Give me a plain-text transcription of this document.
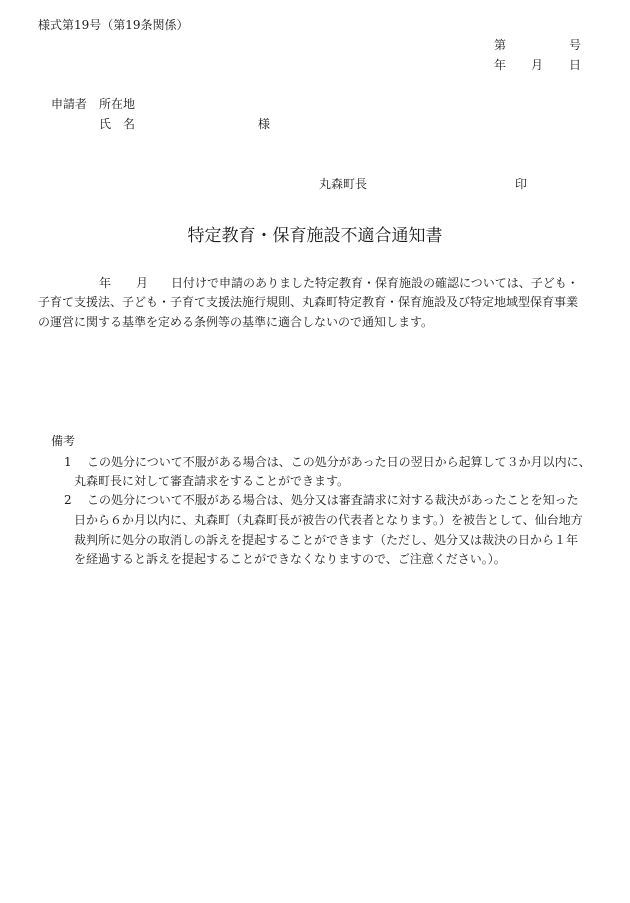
様式第19号（第19条関係）
第	号
年 月 日
申請者 所在地
氏　名	様
丸森町長	印
特定教育・保育施設不適合通知書
年 月 日付けで申請のありました特定教育・保育施設の確認については、子ども・
子育て支援法、子ども・子育て支援法施行規則、丸森町特定教育・保育施設及び特定地域型保育事業
の運営に関する基準を定める条例等の基準に適合しないので通知します。
備考
1 この処分について不服がある場合は、この処分があった日の翌日から起算して３か月以内に、
丸森町長に対して審査請求をすることができます。
2 この処分について不服がある場合は、処分又は審査請求に対する裁決があったことを知った
日から６か月以内に、丸森町（丸森町長が被告の代表者となります。）を被告として、仙台地方
裁判所に処分の取消しの訴えを提起することができます（ただし、処分又は裁決の日から１年
を経過すると訴えを提起することができなくなりますので、ご注意ください。）。
